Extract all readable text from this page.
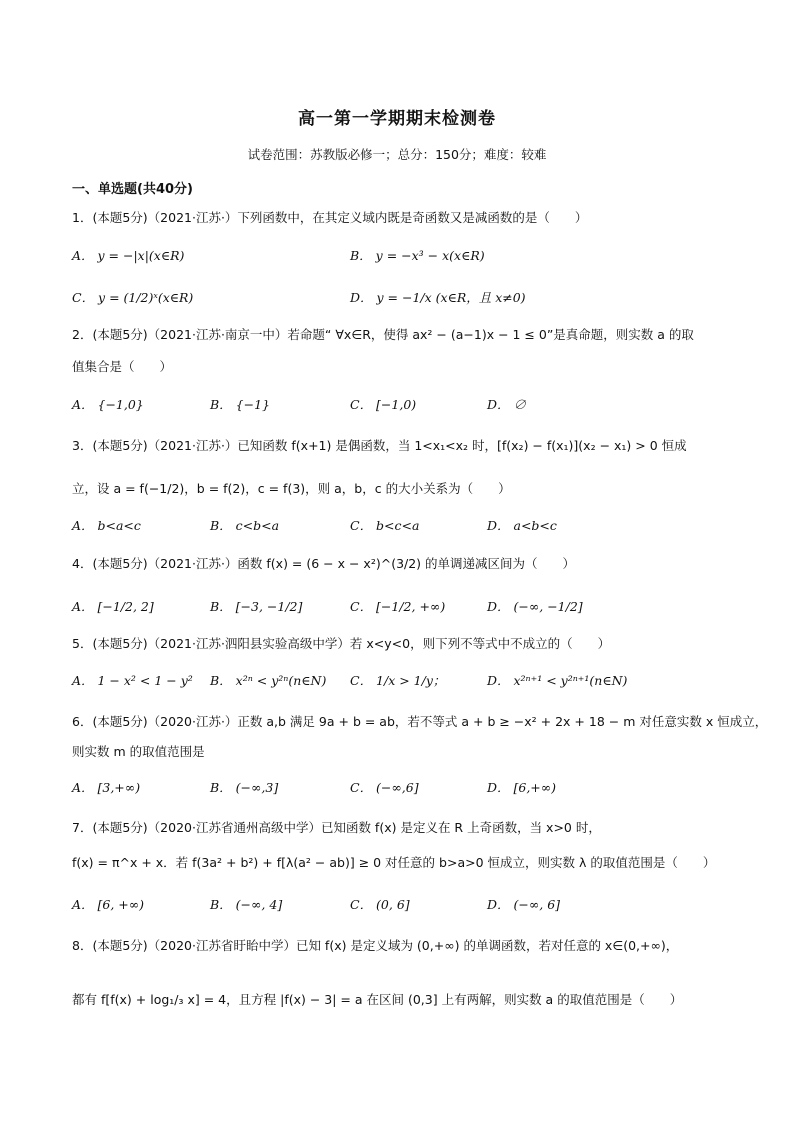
高一第一学期期末检测卷
试卷范围：苏教版必修一；总分：150分；难度：较难
一、单选题(共40分)
1．(本题5分)（2021·江苏·）下列函数中，在其定义域内既是奇函数又是减函数的是（　　）
A． y = −|x|(x∈R)	B． y = −x³ − x(x∈R)
C． y = (1/2)ˣ(x∈R)	D． y = −1/x (x∈R，且 x≠0)
2．(本题5分)（2021·江苏·南京一中）若命题“ ∀x∈R，使得 ax² − (a−1)x − 1 ≤ 0”是真命题，则实数 a 的取
值集合是（　　）
A． {−1,0}	B． {−1}	C． [−1,0)	D． ∅
3．(本题5分)（2021·江苏·）已知函数 f(x+1) 是偶函数，当 1<x₁<x₂ 时，[f(x₂) − f(x₁)](x₂ − x₁) > 0 恒成
立，设 a = f(−1/2)，b = f(2)，c = f(3)，则 a，b，c 的大小关系为（　　）
A． b<a<c	B． c<b<a	C． b<c<a	D． a<b<c
4．(本题5分)（2021·江苏·）函数 f(x) = (6 − x − x²)^(3/2) 的单调递减区间为（　　）
A． [−1/2, 2]	B． [−3, −1/2]	C． [−1/2, +∞)	D． (−∞, −1/2]
5．(本题5分)（2021·江苏·泗阳县实验高级中学）若 x<y<0，则下列不等式中不成立的（　　）
A． 1 − x² < 1 − y² B． x²ⁿ < y²ⁿ(n∈N) C． 1/x > 1/y；	D． x²ⁿ⁺¹ < y²ⁿ⁺¹(n∈N)
6．(本题5分)（2020·江苏·）正数 a,b 满足 9a + b = ab，若不等式 a + b ≥ −x² + 2x + 18 − m 对任意实数 x 恒成立，
则实数 m 的取值范围是
A． [3,+∞)	B． (−∞,3]	C． (−∞,6]	D． [6,+∞)
7．(本题5分)（2020·江苏省通州高级中学）已知函数 f(x) 是定义在 R 上奇函数，当 x>0 时，
f(x) = π^x + x．若 f(3a² + b²) + f[λ(a² − ab)] ≥ 0 对任意的 b>a>0 恒成立，则实数 λ 的取值范围是（　　）
A． [6, +∞)	B． (−∞, 4]	C． (0, 6]	D． (−∞, 6]
8．(本题5分)（2020·江苏省盱眙中学）已知 f(x) 是定义域为 (0,+∞) 的单调函数，若对任意的 x∈(0,+∞)，
都有 f[f(x) + log₁/₃ x] = 4，且方程 |f(x) − 3| = a 在区间 (0,3] 上有两解，则实数 a 的取值范围是（　　）
